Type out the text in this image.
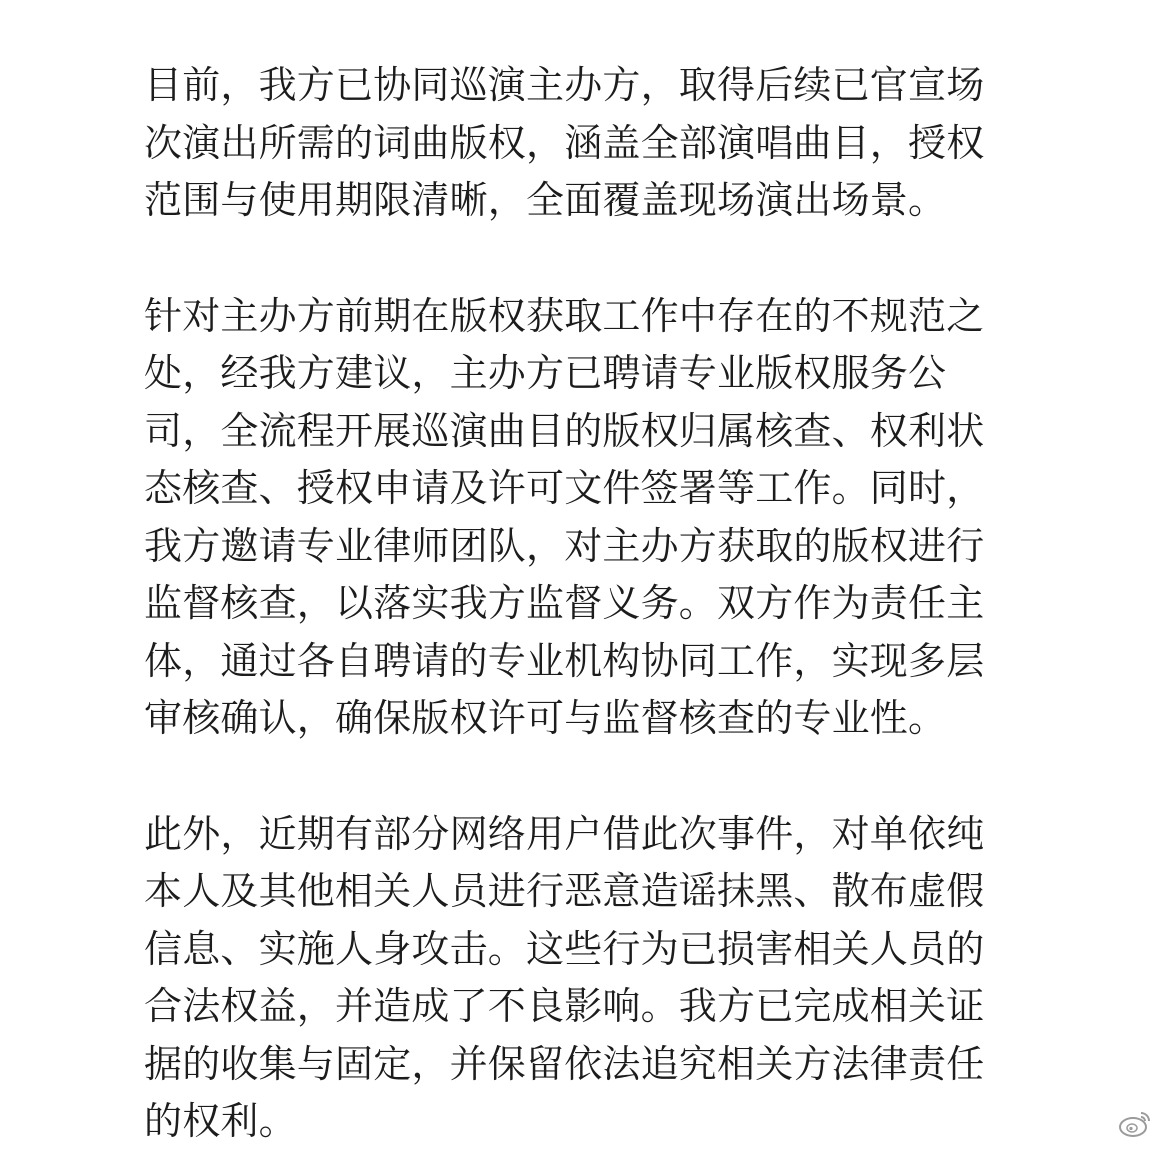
目前，我方已协同巡演主办方，取得后续已官宣场
次演出所需的词曲版权，涵盖全部演唱曲目，授权
范围与使用期限清晰，全面覆盖现场演出场景。

针对主办方前期在版权获取工作中存在的不规范之
处，经我方建议，主办方已聘请专业版权服务公
司，全流程开展巡演曲目的版权归属核查、权利状
态核查、授权申请及许可文件签署等工作。同时，
我方邀请专业律师团队，对主办方获取的版权进行
监督核查，以落实我方监督义务。双方作为责任主
体，通过各自聘请的专业机构协同工作，实现多层
审核确认，确保版权许可与监督核查的专业性。

此外，近期有部分网络用户借此次事件，对单依纯
本人及其他相关人员进行恶意造谣抹黑、散布虚假
信息、实施人身攻击。这些行为已损害相关人员的
合法权益，并造成了不良影响。我方已完成相关证
据的收集与固定，并保留依法追究相关方法律责任
的权利。
